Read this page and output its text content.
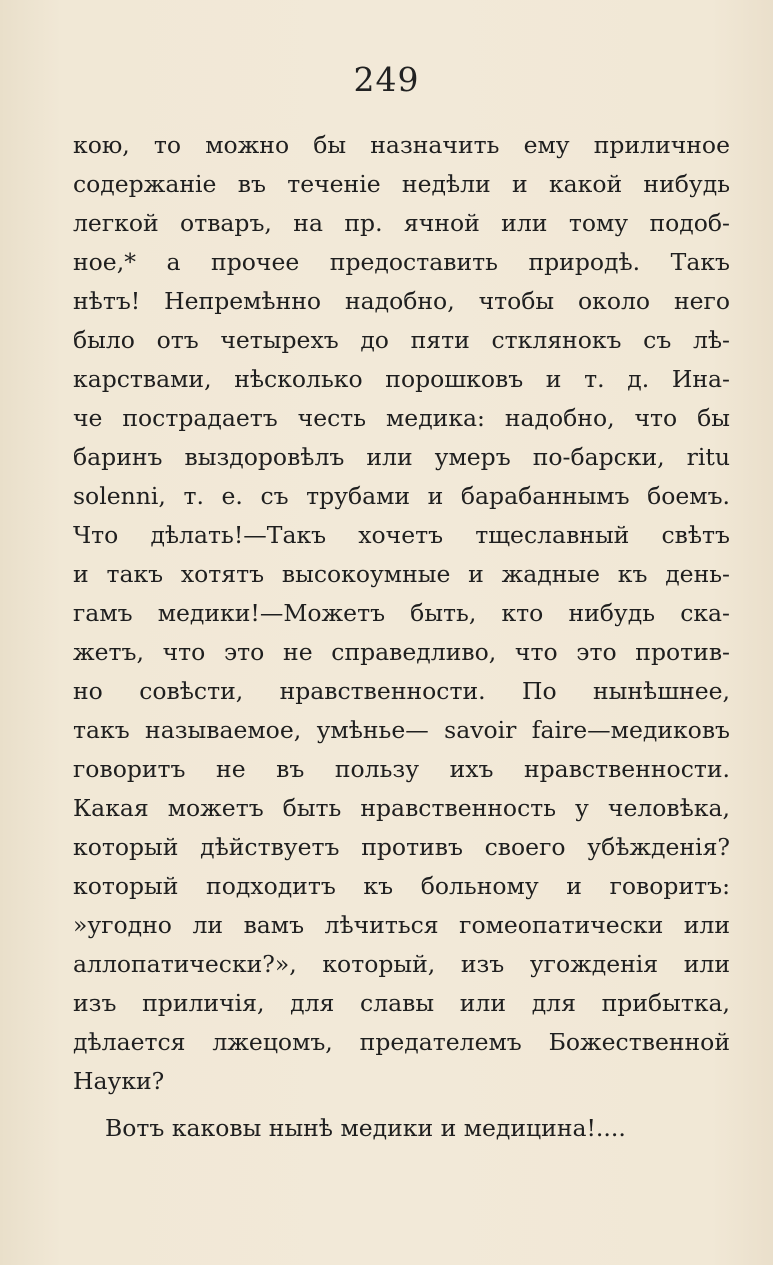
249
кою, то можно бы назначить ему приличное
содержаніе въ теченіе недѣли и какой нибудь
легкой отваръ, на пр. ячной или тому подоб-
ное,* а прочее предоставить природѣ. Такъ
нѣтъ! Непремѣнно надобно, чтобы около него
было отъ четырехъ до пяти стклянокъ съ лѣ-
карствами, нѣсколько порошковъ и т. д. Ина-
че пострадаетъ честь медика: надобно, что бы
баринъ выздоровѣлъ или умеръ по-барски, ritu
solenni, т. е. съ трубами и барабаннымъ боемъ.
Что дѣлать!—Такъ хочетъ тщеславный свѣтъ
и такъ хотятъ высокоумные и жадные къ день-
гамъ медики!—Можетъ быть, кто нибудь ска-
жетъ, что это не справедливо, что это против-
но совѣсти, нравственности. По нынѣшнее,
такъ называемое, умѣнье— savoir faire—медиковъ
говоритъ не въ пользу ихъ нравственности.
Какая можетъ быть нравственность у человѣка,
который дѣйствуетъ противъ своего убѣжденія?
который подходитъ къ больному и говоритъ:
»угодно ли вамъ лѣчиться гомеопатически или
аллопатически?», который, изъ угожденія или
изъ приличія, для славы или для прибытка,
дѣлается лжецомъ, предателемъ Божественной
Науки?
Вотъ каковы нынѣ медики и медицина!....
